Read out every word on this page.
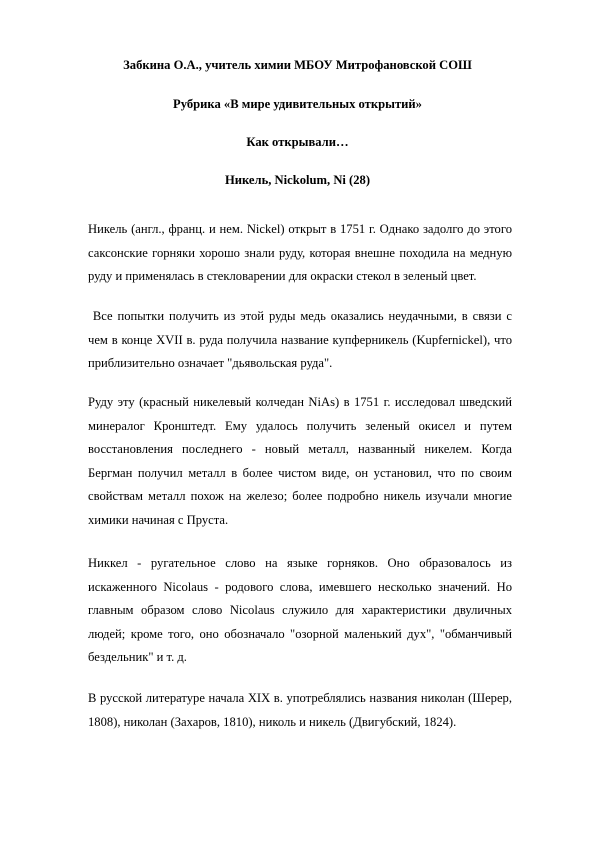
Забкина О.А., учитель химии МБОУ Митрофановской СОШ
Рубрика «В мире удивительных открытий»
Как открывали…
Никель, Nickolum, Ni (28)
Никель (англ., франц. и нем. Nickel) открыт в 1751 г. Однако задолго до этого
саксонские горняки хорошо знали руду, которая внешне походила на медную
руду и применялась в стекловарении для окраски стекол в зеленый цвет.
Все попытки получить из этой руды медь оказались неудачными, в связи с
чем в конце XVII в. руда получила название купферникель (Kupfernickel), что
приблизительно означает "дьявольская руда".
Руду эту (красный никелевый колчедан NiAs) в 1751 г. исследовал шведский
минералог Кронштедт. Ему удалось получить зеленый окисел и путем
восстановления последнего - новый металл, названный никелем. Когда
Бергман получил металл в более чистом виде, он установил, что по своим
свойствам металл похож на железо; более подробно никель изучали многие
химики начиная с Пруста.
Никкел - ругательное слово на языке горняков. Оно образовалось из
искаженного Nicolaus - родового слова, имевшего несколько значений. Но
главным образом слово Nicolaus служило для характеристики двуличных
людей; кроме того, оно обозначало "озорной маленький дух", "обманчивый
бездельник" и т. д.
В русской литературе начала XIX в. употреблялись названия николан (Шерер,
1808), николан (Захаров, 1810), николь и никель (Двигубский, 1824).
